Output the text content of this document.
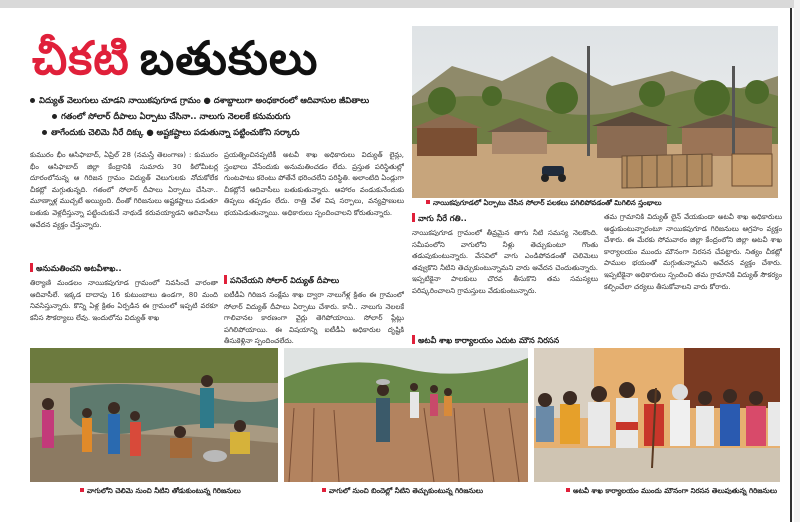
చీకటి బతుకులు
విద్యుత్ వెలుగులు చూడని నాయికపుగూడ గ్రామం ● దశాబ్దాలుగా అంధకారంలో ఆదివాసుల జీవితాలు
గతంలో సోలార్ దీపాలు ఏర్పాటు చేసినా.. నాలుగు నెలలకే కనుమరుగు
తాగేందుకు చెలిమె నీరే దిక్కు ● అష్టకష్టాలు పడుతున్నా పట్టించుకోని సర్కారు
నాయికపుగూడలో ఏర్పాటు చేసిన సోలార్ పలకలు పగిలిపోవడంతో మిగిలిన స్తంభాలు
కుమురం భీం ఆసిఫాబాద్, ఏప్రిల్ 28 (నమస్తే తెలంగాణ) : కుమురం భీం ఆసిఫాబాద్ జిల్లా కేంద్రానికి సుమారు 30 కిలోమీటర్ల దూరంలోనున్న ఆ గిరిజన గ్రామం విద్యుత్ వెలుగులకు నోచుకోలేక చీకట్లో మగ్గుతున్నది. గతంలో సోలార్ దీపాలు ఏర్పాటు చేసినా.. మూణ్నాళ్ల ముచ్చటే అయ్యింది. దీంతో గిరిజనులు అష్టకష్టాలు పడుతూ బతుకు వెళ్లదీస్తున్నా పట్టించుకునే నాథుడే కరువయ్యాడని ఆదివాసీలు ఆవేదన వ్యక్తం చేస్తున్నారు.
అనుమతించని అటవీశాఖ..
తిర్యాణి మండలం నాయికపుగూడ గ్రామంలో నివసించే వారంతా ఆదివాసీలే. ఇక్కడ దాదాపు 16 కుటుంబాలు ఉండగా, 80 మంది నివసిస్తున్నారు. కొన్ని ఏళ్ల క్రితం ఏర్పడిన ఈ గ్రామంలో ఇప్పటి వరకూ కనీస సౌకర్యాలు లేవు. ఇందులోను విద్యుత్ శాఖ
ప్రయత్నించినప్పటికీ అటవీ శాఖ అధికారులు విద్యుత్ లైన్లు, స్తంభాలు వేసేందుకు అనుమతించడం లేదు. ప్రస్తుత పరిస్థితుల్లో గుంటపాటు కరెంటు పోతేనే భరించలేని పరిస్థితి. అలాంటిది ఏండ్లుగా చీకట్లోనే ఆదివాసీలు బతుకుతున్నారు. ఆహారం వండుకునేందుకు తిప్పలు తప్పడం లేదు. రాత్రి వేళ విష సర్పాలు, వన్యప్రాణులు భయపెడుతున్నాయి. అధికారులు స్పందించాలని కోరుతున్నారు.
పనిచేయని సోలార్ విద్యుత్ దీపాలు
ఐటీడీఏ గిరిజన సంక్షేమ శాఖ ద్వారా నాలుగేళ్ల క్రితం ఈ గ్రామంలో సోలార్ విద్యుత్ దీపాలు ఏర్పాటు చేశారు. కానీ.. నాలుగు నెలలకే గాలివానల కారణంగా వైర్లు తెగిపోయాయి. సోలార్ ప్లేట్లు పగిలిపోయాయి. ఈ విషయాన్ని ఐటీడీఏ అధికారుల దృష్టికి తీసుకెళ్లినా స్పందించలేదు.
వాగు నీరే గతి..
నాయికపుగూడ గ్రామంలో తీవ్రమైన తాగు నీటి సమస్య నెలకొంది. సమీపంలోని వాగులోని నీళ్లు తెచ్చుకుంటూ గొంతు తడుపుకుంటున్నారు. వేసవిలో వాగు ఎండిపోవడంతో చెలిమెలు తవ్వుకొని నీటిని తెచ్చుకుంటున్నామని వారు ఆవేదన చెందుతున్నారు. ఇప్పటికైనా పాలకులు చొరవ తీసుకొని తమ సమస్యలు పరిష్కరించాలని గ్రామస్తులు వేడుకుంటున్నారు.
అటవీ శాఖ కార్యాలయం ఎదుట మౌన నిరసన
తమ గ్రామానికి విద్యుత్ లైన్ వేయకుండా అటవీ శాఖ అధికారులు అడ్డుకుంటున్నారంటూ నాయికపుగూడ గిరిజనులు ఆగ్రహం వ్యక్తం చేశారు. ఈ మేరకు సోమవారం జిల్లా కేంద్రంలోని జిల్లా అటవీ శాఖ కార్యాలయం ముందు మౌనంగా నిరసన చేపట్టారు. నిత్యం చీకట్లో పాముల భయంతో మగ్గుతున్నామని ఆవేదన వ్యక్తం చేశారు. ఇప్పటికైనా అధికారులు స్పందించి తమ గ్రామానికి విద్యుత్ సౌకర్యం కల్పించేలా చర్యలు తీసుకోవాలని వారు కోరారు.
వాగులోని చెలిమె నుంచి నీటిని తోడుకుంటున్న గిరిజనులు	వాగులో నుంచి బిందెల్లో నీటిని తెచ్చుకుంటున్న గిరిజనులు	అటవీ శాఖ కార్యాలయం ముందు మౌనంగా నిరసన తెలుపుతున్న గిరిజనులు
